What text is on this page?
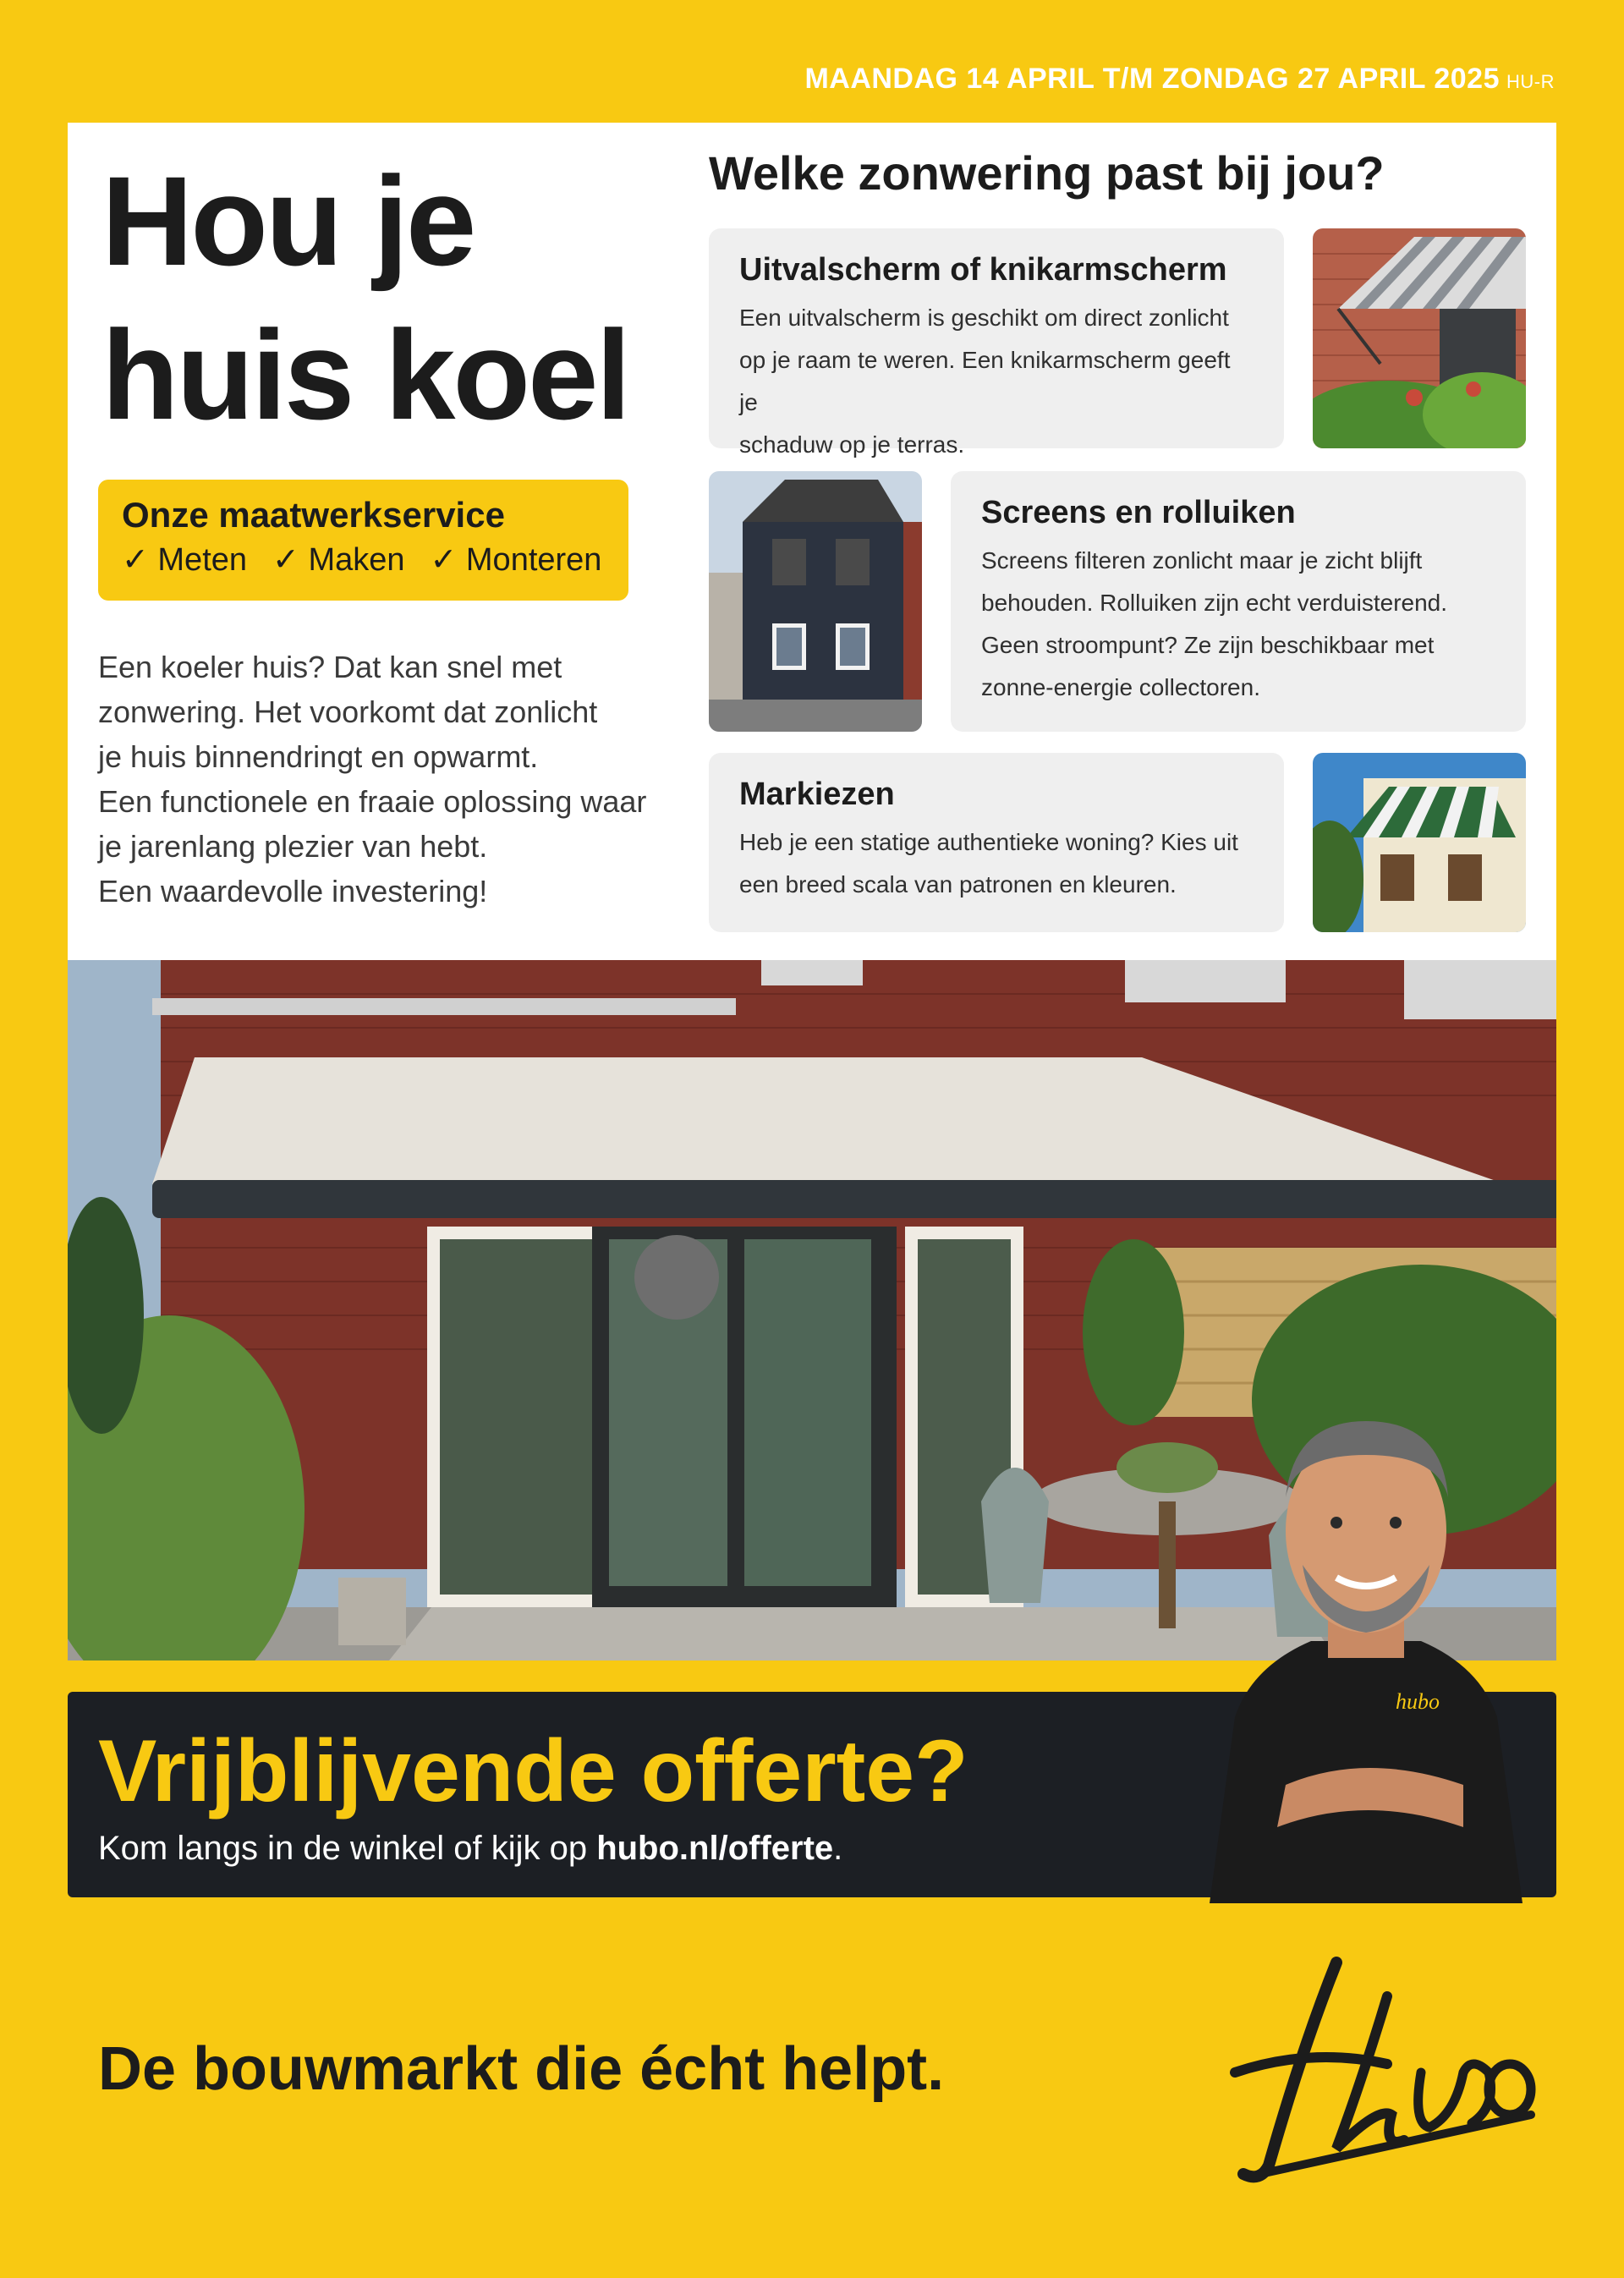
MAANDAG 14 APRIL T/M ZONDAG 27 APRIL 2025 HU-R
Hou je
huis koel
Onze maatwerkservice
✓ Meten	✓ Maken	✓ Monteren
Een koeler huis? Dat kan snel met
zonwering. Het voorkomt dat zonlicht
je huis binnendringt en opwarmt.
Een functionele en fraaie oplossing waar
je jarenlang plezier van hebt.
Een waardevolle investering!
Welke zonwering past bij jou?
Uitvalscherm of knikarmscherm

Een uitvalscherm is geschikt om direct zonlicht
op je raam te weren. Een knikarmscherm geeft je
schaduw op je terras.

Screens en rolluiken

Screens filteren zonlicht maar je zicht blijft
behouden. Rolluiken zijn echt verduisterend.
Geen stroompunt? Ze zijn beschikbaar met
zonne-energie collectoren.

Markiezen

Heb je een statige authentieke woning? Kies uit
een breed scala van patronen en kleuren.

Vrijblijvende offerte?
Kom langs in de winkel of kijk op hubo.nl/offerte.
hubo
De bouwmarkt die écht helpt.
